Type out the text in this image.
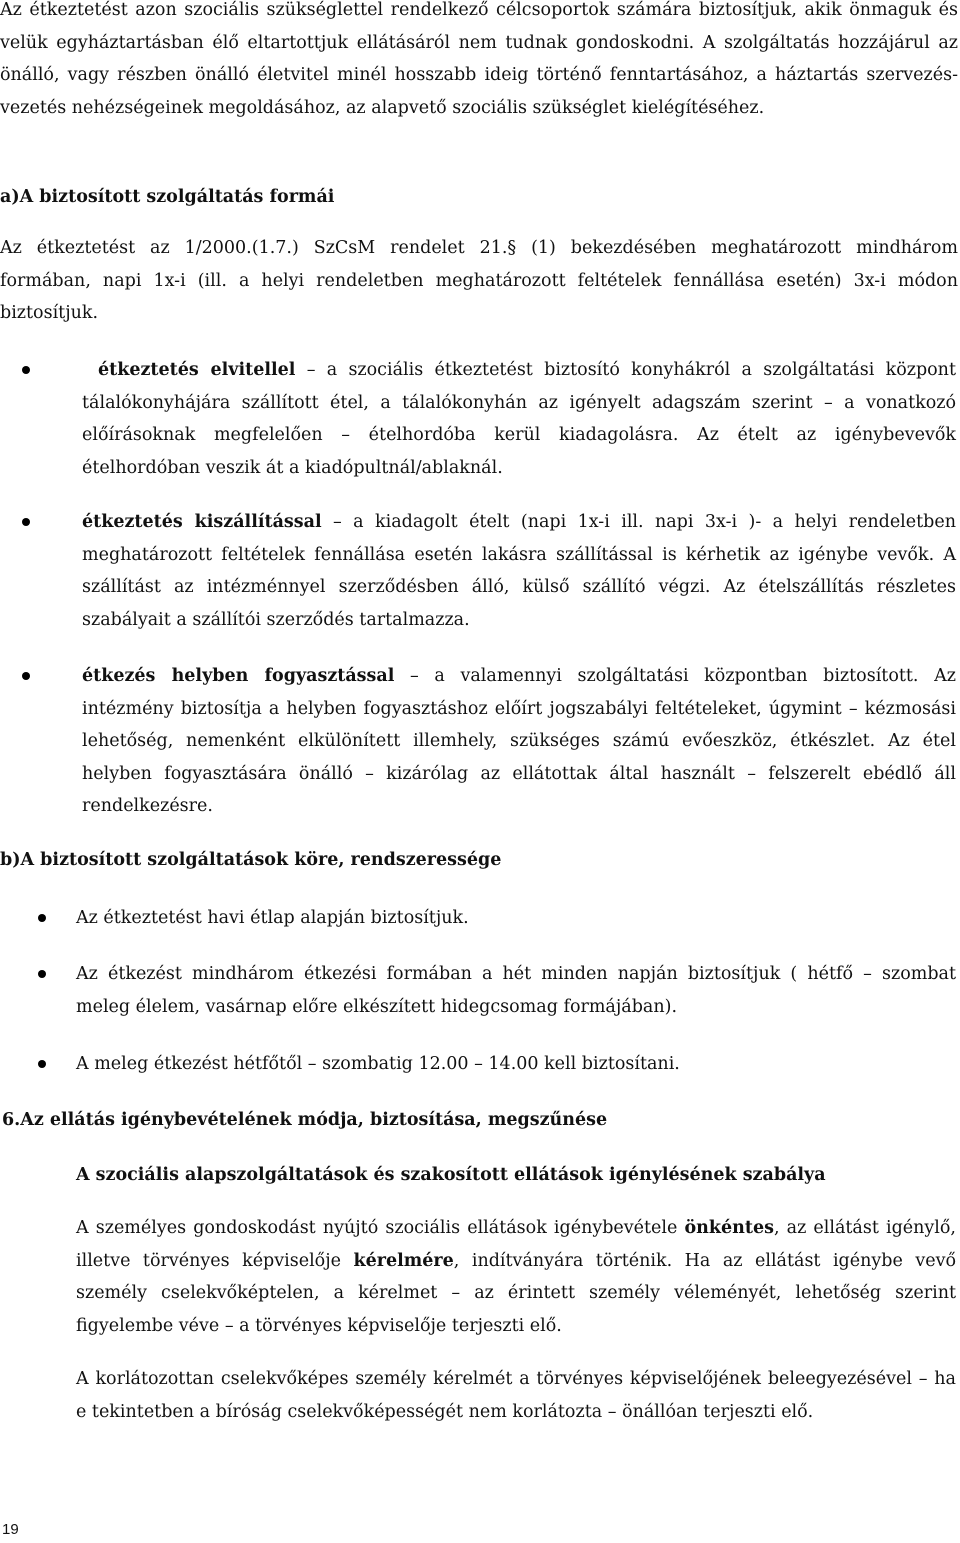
Az étkeztetést azon szociális szükséglettel rendelkező célcsoportok számára biztosítjuk, akik önmaguk és velük egyháztartásban élő eltartottjuk ellátásáról nem tudnak gondoskodni. A szolgáltatás hozzájárul az önálló, vagy részben önálló életvitel minél hosszabb ideig történő fenntartásához, a háztartás szervezés-vezetés nehézségeinek megoldásához, az alapvető szociális szükséglet kielégítéséhez.

a)A biztosított szolgáltatás formái

Az étkeztetést az 1/2000.(1.7.) SzCsM rendelet 21.§ (1) bekezdésében meghatározott mindhárom formában, napi 1x-i (ill. a helyi rendeletben meghatározott feltételek fennállása esetén) 3x-i módon biztosítjuk.

étkeztetés elvitellel – a szociális étkeztetést biztosító konyhákról a szolgáltatási központ tálalókonyhájára szállított étel, a tálalókonyhán az igényelt adagszám szerint – a vonatkozó előírásoknak megfelelően – ételhordóba kerül kiadagolásra. Az ételt az igénybevevők ételhordóban veszik át a kiadópultnál/ablaknál.

étkeztetés kiszállítással – a kiadagolt ételt (napi 1x-i ill. napi 3x-i )- a helyi rendeletben meghatározott feltételek fennállása esetén lakásra szállítással is kérhetik az igénybe vevők. A szállítást az intézménnyel szerződésben álló, külső szállító végzi. Az ételszállítás részletes szabályait a szállítói szerződés tartalmazza.

étkezés helyben fogyasztással – a valamennyi szolgáltatási központban biztosított. Az intézmény biztosítja a helyben fogyasztáshoz előírt jogszabályi feltételeket, úgymint – kézmosási lehetőség, nemenként elkülönített illemhely, szükséges számú evőeszköz, étkészlet. Az étel helyben fogyasztására önálló – kizárólag az ellátottak által használt – felszerelt ebédlő áll rendelkezésre.

b)A biztosított szolgáltatások köre, rendszeressége

Az étkeztetést havi étlap alapján biztosítjuk.

Az étkezést mindhárom étkezési formában a hét minden napján biztosítjuk ( hétfő – szombat meleg élelem, vasárnap előre elkészített hidegcsomag formájában).

A meleg étkezést hétfőtől – szombatig 12.00 – 14.00 kell biztosítani.

6.Az ellátás igénybevételének módja, biztosítása, megszűnése

A szociális alapszolgáltatások és szakosított ellátások igénylésének szabálya

A személyes gondoskodást nyújtó szociális ellátások igénybevétele önkéntes, az ellátást igénylő, illetve törvényes képviselője kérelmére, indítványára történik. Ha az ellátást igénybe vevő személy cselekvőképtelen, a kérelmet – az érintett személy véleményét, lehetőség szerint figyelembe véve – a törvényes képviselője terjeszti elő.

A korlátozottan cselekvőképes személy kérelmét a törvényes képviselőjének beleegyezésével – ha e tekintetben a bíróság cselekvőképességét nem korlátozta – önállóan terjeszti elő.

19
